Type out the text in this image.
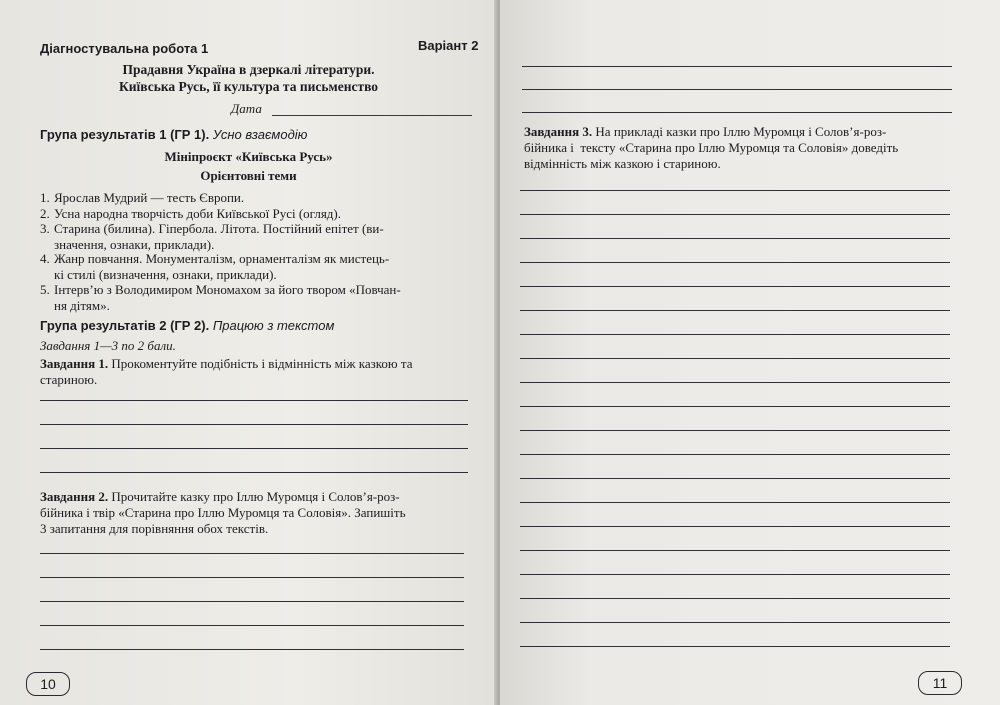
Діагностувальна робота 1	Варіант 2
Прадавня Україна в дзеркалі літератури.
Київська Русь, її культура та письменство
Дата
Група результатів 1 (ГР 1). Усно взаємодію
Мініпроєкт «Київська Русь»
Орієнтовні теми
1. Ярослав Мудрий — тесть Європи.
2. Усна народна творчість доби Київської Русі (огляд).
3. Старина (билина). Гіпербола. Літота. Постійний епітет (ви-
значення, ознаки, приклади).
4. Жанр повчання. Монументалізм, орнаменталізм як мистець-
кі стилі (визначення, ознаки, приклади).
5. Інтерв’ю з Володимиром Мономахом за його твором «Повчан-
ня дітям».
Група результатів 2 (ГР 2). Працюю з текстом
Завдання 1—3 по 2 бали.
Завдання 1. Прокоментуйте подібність і відмінність між казкою та
стариною.
Завдання 2. Прочитайте казку про Іллю Муромця і Солов’я-роз-
бійника і твір «Старина про Іллю Муромця та Соловія». Запишіть
3 запитання для порівняння обох текстів.
10
Завдання 3. На прикладі казки про Іллю Муромця і Солов’я-роз-
бійника і тексту «Старина про Іллю Муромця та Соловія» доведіть
відмінність між казкою і стариною.
11
